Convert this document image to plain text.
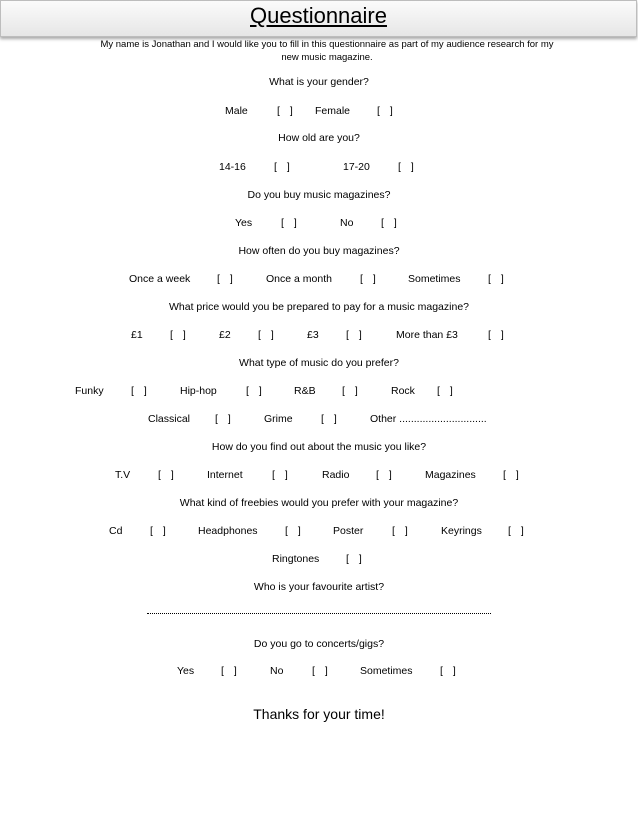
Questionnaire
My name is Jonathan and I would like you to fill in this questionnaire as part of my audience research for my new music magazine.
What is your gender?
Male	[ ] Female	[ ]
How old are you?
14-16	[ ]	17-20	[ ]
Do you buy music magazines?
Yes	[ ]	No	[ ]
How often do you buy magazines?
Once a week	[ ]	Once a month	[ ]	Sometimes	[ ]
What price would you be prepared to pay for a music magazine?
£1	[ ]	£2	[ ]	£3	[ ]	More than £3	[ ]
What type of music do you prefer?
Funky	[ ]	Hip-hop	[ ]	R&B	[ ]	Rock [ ]
Classical [ ]	Grime	[ ]	Other ..............................
How do you find out about the music you like?
T.V	[ ]	Internet	[ ]	Radio	[ ]	Magazines	[ ]
What kind of freebies would you prefer with your magazine?
Cd	[ ]	Headphones	[ ]	Poster	[ ]	Keyrings [ ]
Ringtones	[ ]
Who is your favourite artist?
Do you go to concerts/gigs?
Yes	[ ]	No	[ ]	Sometimes	[ ]
Thanks for your time!
